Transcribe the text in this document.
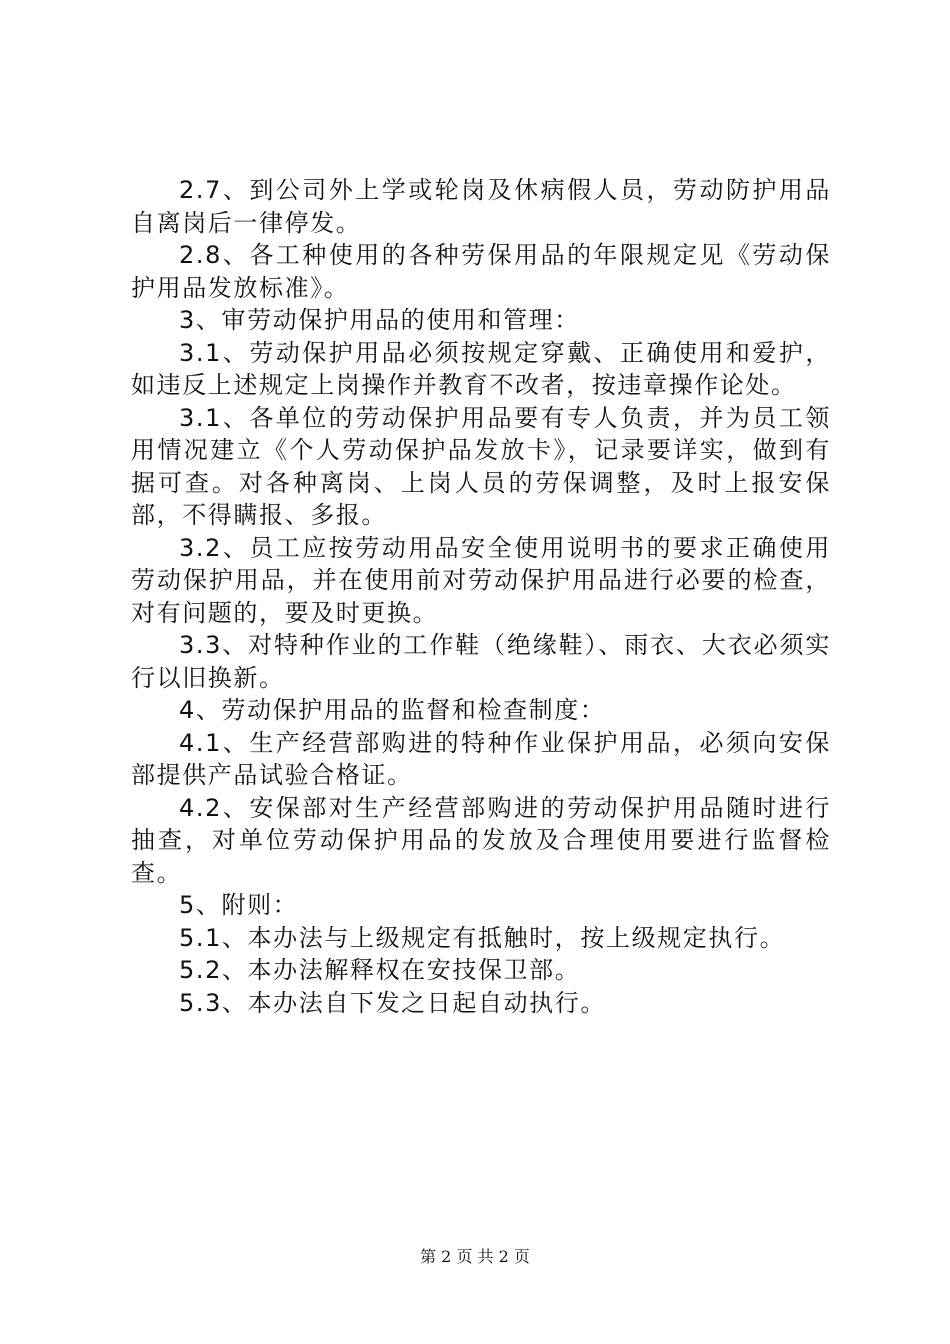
2.7、到公司外上学或轮岗及休病假人员，劳动防护用品自离岗后一律停发。

2.8、各工种使用的各种劳保用品的年限规定见《劳动保护用品发放标准》。

3、审劳动保护用品的使用和管理：

3.1、劳动保护用品必须按规定穿戴、正确使用和爱护，如违反上述规定上岗操作并教育不改者，按违章操作论处。

3.1、各单位的劳动保护用品要有专人负责，并为员工领用情况建立《个人劳动保护品发放卡》，记录要详实，做到有据可查。对各种离岗、上岗人员的劳保调整，及时上报安保部，不得瞒报、多报。

3.2、员工应按劳动用品安全使用说明书的要求正确使用劳动保护用品，并在使用前对劳动保护用品进行必要的检查，对有问题的，要及时更换。

3.3、对特种作业的工作鞋（绝缘鞋）、雨衣、大衣必须实行以旧换新。

4、劳动保护用品的监督和检查制度：

4.1、生产经营部购进的特种作业保护用品，必须向安保部提供产品试验合格证。

4.2、安保部对生产经营部购进的劳动保护用品随时进行抽查，对单位劳动保护用品的发放及合理使用要进行监督检查。

5、附则：

5.1、本办法与上级规定有抵触时，按上级规定执行。

5.2、本办法解释权在安技保卫部。

5.3、本办法自下发之日起自动执行。

第 2 页 共 2 页
